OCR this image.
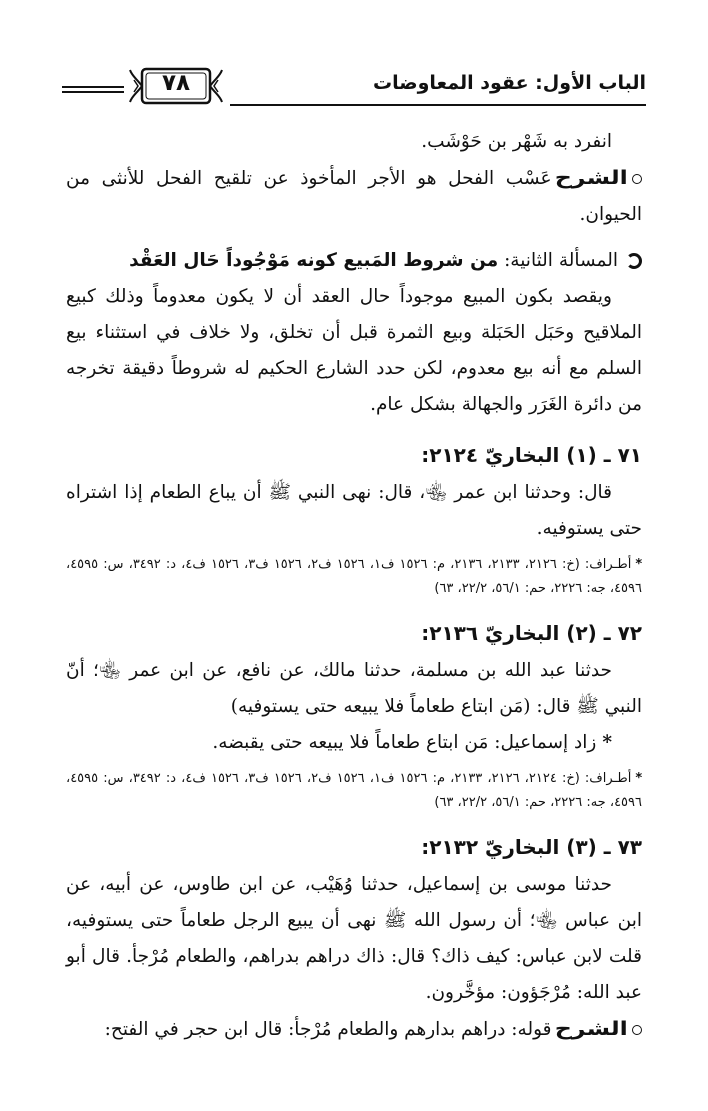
الباب الأول: عقود المعاوضات
٧٨

انفرد به شَهْر بن حَوْشَب.

الشرحعَسْب الفحل هو الأجر المأخوذ عن تلقيح الفحل للأنثى من الحيوان.

المسألة الثانية: من شروط المَبيع كونه مَوْجُوداً حَال العَقْد

ويقصد بكون المبيع موجوداً حال العقد أن لا يكون معدوماً وذلك كبيع الملاقيح وحَبَل الحَبَلة وبيع الثمرة قبل أن تخلق، ولا خلاف في استثناء بيع السلم مع أنه بيع معدوم، لكن حدد الشارع الحكيم له شروطاً دقيقة تخرجه من دائرة الغَرَر والجهالة بشكل عام.

٧١ ـ (١) البخاريّ ٢١٢٤:

قال: وحدثنا ابن عمر ﵄، قال: نهى النبي ﷺ أن يباع الطعام إذا اشتراه حتى يستوفيه.

*أطـراف: (خ: ٢١٢٦، ٢١٣٣، ٢١٣٦، م: ١٥٢٦ ف١، ١٥٢٦ ف٢، ١٥٢٦ ف٣، ١٥٢٦ ف٤، د: ٣٤٩٢، س: ٤٥٩٥، ٤٥٩٦، جه: ٢٢٢٦، حم: ٥٦/١، ٢٢/٢، ٦٣)

٧٢ ـ (٢) البخاريّ ٢١٣٦:

حدثنا عبد الله بن مسلمة، حدثنا مالك، عن نافع، عن ابن عمر ﵄؛ أنّ النبي ﷺ قال: (مَن ابتاع طعاماً فلا يبيعه حتى يستوفيه)

*زاد إسماعيل: مَن ابتاع طعاماً فلا يبيعه حتى يقبضه.

*أطـراف: (خ: ٢١٢٤، ٢١٢٦، ٢١٣٣، م: ١٥٢٦ ف١، ١٥٢٦ ف٢، ١٥٢٦ ف٣، ١٥٢٦ ف٤، د: ٣٤٩٢، س: ٤٥٩٥، ٤٥٩٦، جه: ٢٢٢٦، حم: ٥٦/١، ٢٢/٢، ٦٣)

٧٣ ـ (٣) البخاريّ ٢١٣٢:

حدثنا موسى بن إسماعيل، حدثنا وُهَيْب، عن ابن طاوس، عن أبيه، عن ابن عباس ﵄؛ أن رسول الله ﷺ نهى أن يبيع الرجل طعاماً حتى يستوفيه، قلت لابن عباس: كيف ذاك؟ قال: ذاك دراهم بدراهم، والطعام مُرْجأ. قال أبو عبد الله: مُرْجَؤون: مؤخَّرون.

الشرحقوله: دراهم بدارهم والطعام مُرْجأ: قال ابن حجر في الفتح:
